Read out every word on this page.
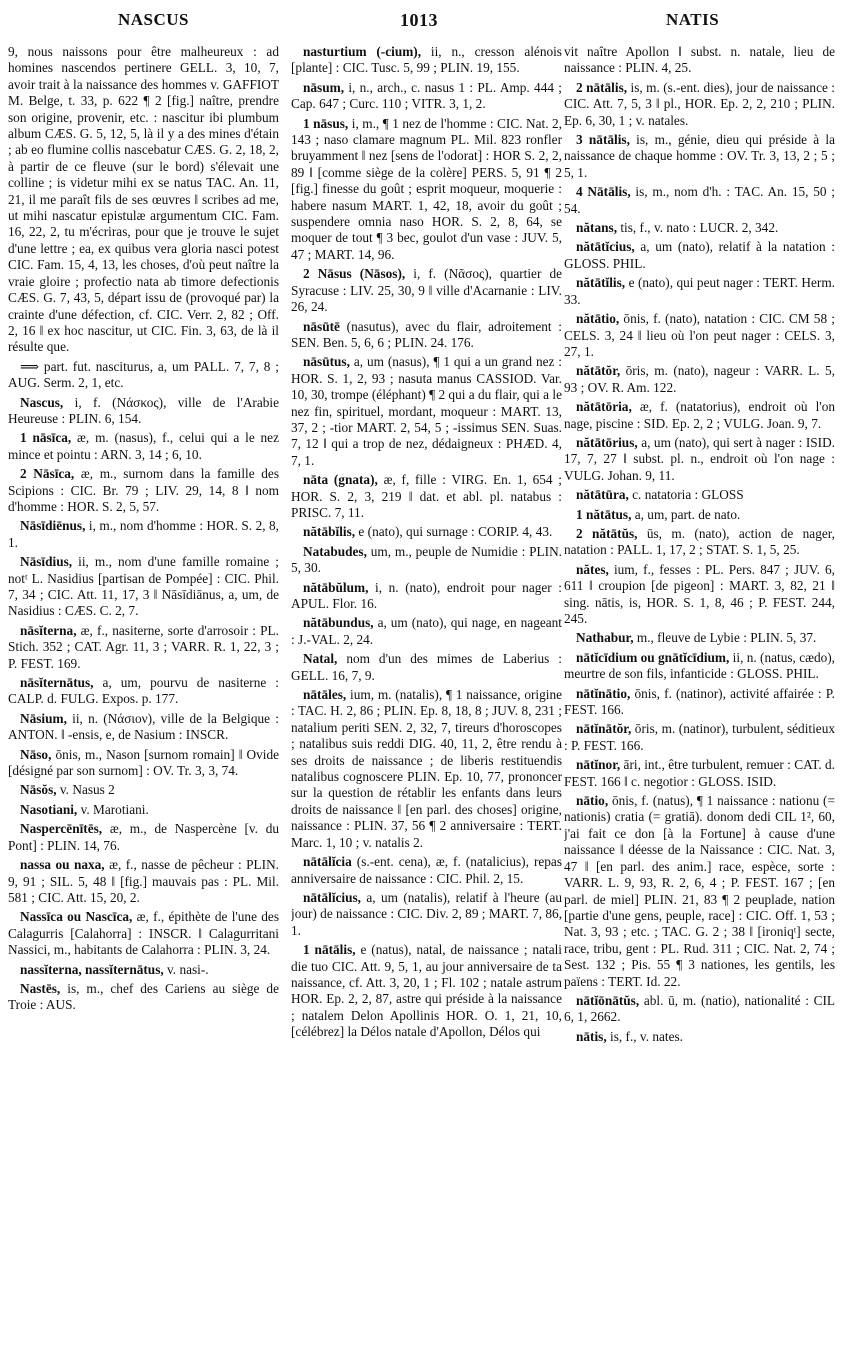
NASCUS	1013	NATIS

9, nous naissons pour être malheureux : ad homines nascendos pertinere GELL. 3, 10, 7, avoir trait à la naissance des hommes v. GAFFIOT M. Belge, t. 33, p. 622 ¶ 2 [fig.] naître, prendre son origine, provenir, etc. : nascitur ibi plumbum album CÆS. G. 5, 12, 5, là il y a des mines d'étain ; ab eo flumine collis nascebatur CÆS. G. 2, 18, 2, à partir de ce fleuve (sur le bord) s'élevait une colline ; is videtur mihi ex se natus TAC. An. 11, 21, il me paraît fils de ses œuvres ‖ scribes ad me, ut mihi nascatur epistulæ argumentum CIC. Fam. 16, 22, 2, tu m'écriras, pour que je trouve le sujet d'une lettre ; ea, ex quibus vera gloria nasci potest CIC. Fam. 15, 4, 13, les choses, d'où peut naître la vraie gloire ; profectio nata ab timore defectionis CÆS. G. 7, 43, 5, départ issu de (provoqué par) la crainte d'une défection, cf. CIC. Verr. 2, 82 ; Off. 2, 16 ‖ ex hoc nascitur, ut CIC. Fin. 3, 63, de là il résulte que.

⟹ part. fut. nasciturus, a, um PALL. 7, 7, 8 ; AUG. Serm. 2, 1, etc.

Nascus, i, f. (Νάσκος), ville de l'Arabie Heureuse : PLIN. 6, 154.

1 nāsīca, æ, m. (nasus), f., celui qui a le nez mince et pointu : ARN. 3, 14 ; 6, 10.

2 Nāsīca, æ, m., surnom dans la famille des Scipions : CIC. Br. 79 ; LIV. 29, 14, 8 ‖ nom d'homme : HOR. S. 2, 5, 57.

Nāsīdiēnus, i, m., nom d'homme : HOR. S. 2, 8, 1.

Nāsīdius, ii, m., nom d'une famille romaine ; notᵗ L. Nasidius [partisan de Pompée] : CIC. Phil. 7, 34 ; CIC. Att. 11, 17, 3 ‖ Nāsīdiānus, a, um, de Nasidius : CÆS. C. 2, 7.

nāsĭterna, æ, f., nasiterne, sorte d'arrosoir : PL. Stich. 352 ; CAT. Agr. 11, 3 ; VARR. R. 1, 22, 3 ; P. FEST. 169.

nāsĭternātus, a, um, pourvu de nasiterne : CALP. d. FULG. Expos. p. 177.

Nāsium, ii, n. (Νάσιον), ville de la Belgique : ANTON. ‖ -ensis, e, de Nasium : INSCR.

Nāso, ōnis, m., Nason [surnom romain] ‖ Ovide [désigné par son surnom] : OV. Tr. 3, 3, 74.

Nāsŏs, v. Nasus 2

Nasotiani, v. Marotiani.

Naspercēnītēs, æ, m., de Naspercène [v. du Pont] : PLIN. 14, 76.

nassa ou naxa, æ, f., nasse de pêcheur : PLIN. 9, 91 ; SIL. 5, 48 ‖ [fig.] mauvais pas : PL. Mil. 581 ; CIC. Att. 15, 20, 2.

Nassīca ou Nascīca, æ, f., épithète de l'une des Calagurris [Calahorra] : INSCR. ‖ Calagurritani Nassici, m., habitants de Calahorra : PLIN. 3, 24.

nassĭterna, nassĭternātus, v. nasi-.

Nastēs, is, m., chef des Cariens au siège de Troie : AUS.

nasturtium (-cium), ii, n., cresson alénois [plante] : CIC. Tusc. 5, 99 ; PLIN. 19, 155.

nāsum, i, n., arch., c. nasus 1 : PL. Amp. 444 ; Cap. 647 ; Curc. 110 ; VITR. 3, 1, 2.

1 nāsus, i, m., ¶ 1 nez de l'homme : CIC. Nat. 2, 143 ; naso clamare magnum PL. Mil. 823 ronfler bruyamment ‖ nez [sens de l'odorat] : HOR S. 2, 2, 89 ‖ [comme siège de la colère] PERS. 5, 91 ¶ 2 [fig.] finesse du goût ; esprit moqueur, moquerie : habere nasum MART. 1, 42, 18, avoir du goût ; suspendere omnia naso HOR. S. 2, 8, 64, se moquer de tout ¶ 3 bec, goulot d'un vase : JUV. 5, 47 ; MART. 14, 96.

2 Nāsus (Nāsos), i, f. (Νᾶσος), quartier de Syracuse : LIV. 25, 30, 9 ‖ ville d'Acarnanie : LIV. 26, 24.

nāsūtē (nasutus), avec du flair, adroitement : SEN. Ben. 5, 6, 6 ; PLIN. 24. 176.

nāsūtus, a, um (nasus), ¶ 1 qui a un grand nez : HOR. S. 1, 2, 93 ; nasuta manus CASSIOD. Var. 10, 30, trompe (éléphant) ¶ 2 qui a du flair, qui a le nez fin, spirituel, mordant, moqueur : MART. 13, 37, 2 ; -tior MART. 2, 54, 5 ; -issimus SEN. Suas. 7, 12 ‖ qui a trop de nez, dédaigneux : PHÆD. 4, 7, 1.

nāta (gnata), æ, f, fille : VIRG. En. 1, 654 ; HOR. S. 2, 3, 219 ‖ dat. et abl. pl. natabus : PRISC. 7, 11.

nătābĭlis, e (nato), qui surnage : CORIP. 4, 43.

Natabudes, um, m., peuple de Numidie : PLIN. 5, 30.

nătābŭlum, i, n. (nato), endroit pour nager : APUL. Flor. 16.

nătābundus, a, um (nato), qui nage, en nageant : J.-VAL. 2, 24.

Natal, nom d'un des mimes de Laberius : GELL. 16, 7, 9.

nātāles, ium, m. (natalis), ¶ 1 naissance, origine : TAC. H. 2, 86 ; PLIN. Ep. 8, 18, 8 ; JUV. 8, 231 ; natalium periti SEN. 2, 32, 7, tireurs d'horoscopes ; natalibus suis reddi DIG. 40, 11, 2, être rendu à ses droits de naissance ; de liberis restituendis natalibus cognoscere PLIN. Ep. 10, 77, prononcer sur la question de rétablir les enfants dans leurs droits de naissance ‖ [en parl. des choses] origine, naissance : PLIN. 37, 56 ¶ 2 anniversaire : TERT. Marc. 1, 10 ; v. natalis 2.

nātālĭcia (s.-ent. cena), æ, f. (natalicius), repas anniversaire de naissance : CIC. Phil. 2, 15.

nātālĭcius, a, um (natalis), relatif à l'heure (au jour) de naissance : CIC. Div. 2, 89 ; MART. 7, 86, 1.

1 nātālis, e (natus), natal, de naissance ; natali die tuo CIC. Att. 9, 5, 1, au jour anniversaire de ta naissance, cf. Att. 3, 20, 1 ; Fl. 102 ; natale astrum HOR. Ep. 2, 2, 87, astre qui préside à la naissance ; natalem Delon Apollinis HOR. O. 1, 21, 10, [célébrez] la Délos natale d'Apollon, Délos qui

vit naître Apollon ‖ subst. n. natale, lieu de naissance : PLIN. 4, 25.

2 nātālis, is, m. (s.-ent. dies), jour de naissance : CIC. Att. 7, 5, 3 ‖ pl., HOR. Ep. 2, 2, 210 ; PLIN. Ep. 6, 30, 1 ; v. natales.

3 nātālis, is, m., génie, dieu qui préside à la naissance de chaque homme : OV. Tr. 3, 13, 2 ; 5 ; 5, 1.

4 Nātālis, is, m., nom d'h. : TAC. An. 15, 50 ; 54.

nătans, tis, f., v. nato : LUCR. 2, 342.

nătātĭcius, a, um (nato), relatif à la natation : GLOSS. PHIL.

nătātĭlis, e (nato), qui peut nager : TERT. Herm. 33.

nătātio, ōnis, f. (nato), natation : CIC. CM 58 ; CELS. 3, 24 ‖ lieu où l'on peut nager : CELS. 3, 27, 1.

nătātŏr, ōris, m. (nato), nageur : VARR. L. 5, 93 ; OV. R. Am. 122.

nătātōria, æ, f. (natatorius), endroit où l'on nage, piscine : SID. Ep. 2, 2 ; VULG. Joan. 9, 7.

nătātōrius, a, um (nato), qui sert à nager : ISID. 17, 7, 27 ‖ subst. pl. n., endroit où l'on nage : VULG. Johan. 9, 11.

nătātūra, c. natatoria : GLOSS

1 nătātus, a, um, part. de nato.

2 nătātŭs, ūs, m. (nato), action de nager, natation : PALL. 1, 17, 2 ; STAT. S. 1, 5, 25.

nătes, ium, f., fesses : PL. Pers. 847 ; JUV. 6, 611 ‖ croupion [de pigeon] : MART. 3, 82, 21 ‖ sing. nātis, is, HOR. S. 1, 8, 46 ; P. FEST. 244, 245.

Nathabur, m., fleuve de Lybie : PLIN. 5, 37.

nātĭcīdium ou gnātĭcīdium, ii, n. (natus, cædo), meurtre de son fils, infanticide : GLOSS. PHIL.

nātĭnātio, ōnis, f. (natinor), activité affairée : P. FEST. 166.

nātĭnātŏr, ōris, m. (natinor), turbulent, séditieux : P. FEST. 166.

nātĭnor, āri, int., être turbulent, remuer : CAT. d. FEST. 166 ‖ c. negotior : GLOSS. ISID.

nātio, ōnis, f. (natus), ¶ 1 naissance : nationu (= nationis) cratia (= gratiā). donom dedi CIL 1², 60, j'ai fait ce don [à la Fortune] à cause d'une naissance ‖ déesse de la Naissance : CIC. Nat. 3, 47 ‖ [en parl. des anim.] race, espèce, sorte : VARR. L. 9, 93, R. 2, 6, 4 ; P. FEST. 167 ; [en parl. de miel] PLIN. 21, 83 ¶ 2 peuplade, nation [partie d'une gens, peuple, race] : CIC. Off. 1, 53 ; Nat. 3, 93 ; etc. ; TAC. G. 2 ; 38 ‖ [ironiqᵗ] secte, race, tribu, gent : PL. Rud. 311 ; CIC. Nat. 2, 74 ; Sest. 132 ; Pis. 55 ¶ 3 nationes, les gentils, les païens : TERT. Id. 22.

nātĭōnātŭs, abl. ū, m. (natio), nationalité : CIL 6, 1, 2662.

nātis, is, f., v. nates.
